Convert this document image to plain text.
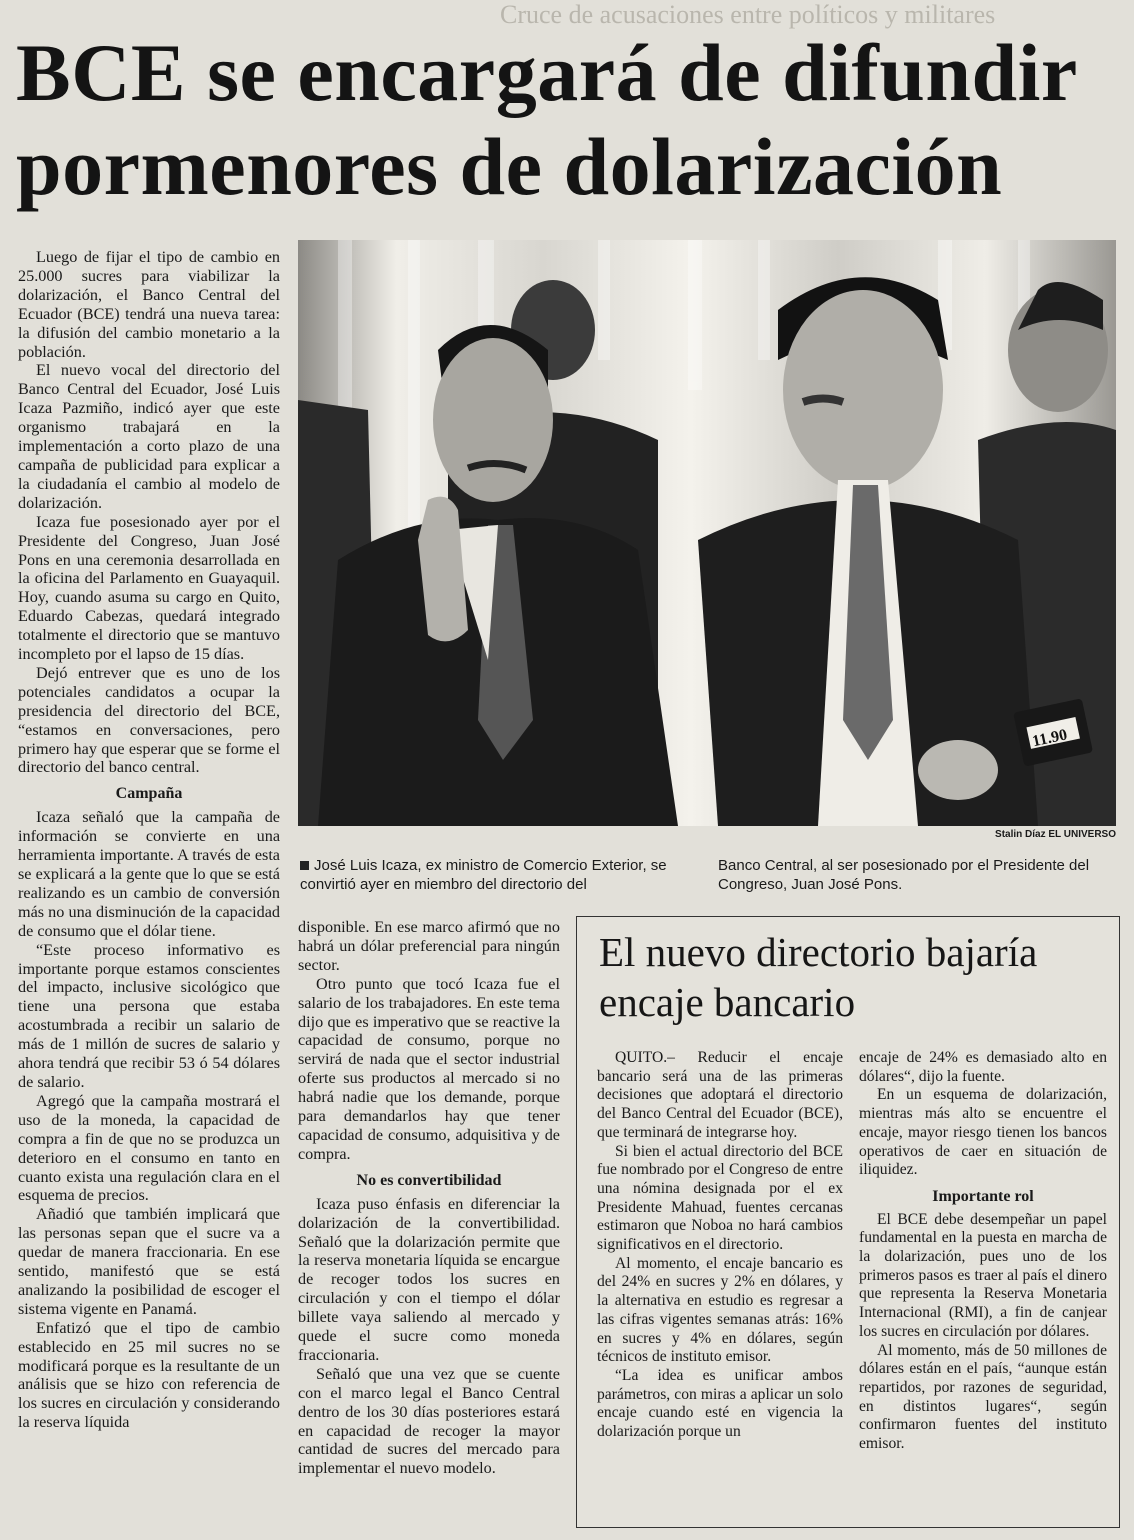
Cruce de acusaciones entre políticos y militares
BCE se encargará de difundir pormenores de dolarización

Luego de fijar el tipo de cambio en 25.000 sucres para viabilizar la dolarización, el Banco Central del Ecuador (BCE) tendrá una nueva tarea: la difusión del cambio monetario a la población.

El nuevo vocal del directorio del Banco Central del Ecuador, José Luis Icaza Pazmiño, indicó ayer que este organismo trabajará en la implementación a corto plazo de una campaña de publicidad para explicar a la ciudadanía el cambio al modelo de dolarización.

Icaza fue posesionado ayer por el Presidente del Congreso, Juan José Pons en una ceremonia desarrollada en la oficina del Parlamento en Guayaquil. Hoy, cuando asuma su cargo en Quito, Eduardo Cabezas, quedará integrado totalmente el directorio que se mantuvo incompleto por el lapso de 15 días.

Dejó entrever que es uno de los potenciales candidatos a ocupar la presidencia del directorio del BCE, “estamos en conversaciones, pero primero hay que esperar que se forme el directorio del banco central.

Campaña

Icaza señaló que la campaña de información se convierte en una herramienta importante. A través de esta se explicará a la gente que lo que se está realizando es un cambio de conversión más no una disminución de la capacidad de consumo que el dólar tiene.

“Este proceso informativo es importante porque estamos conscientes del impacto, inclusive sicológico que tiene una persona que estaba acostumbrada a recibir un salario de más de 1 millón de sucres de salario y ahora tendrá que recibir 53 ó 54 dólares de salario.

Agregó que la campaña mostrará el uso de la moneda, la capacidad de compra a fin de que no se produzca un deterioro en el consumo en tanto en cuanto exista una regulación clara en el esquema de precios.

Añadió que también implicará que las personas sepan que el sucre va a quedar de manera fraccionaria. En ese sentido, manifestó que se está analizando la posibilidad de escoger el sistema vigente en Panamá.

Enfatizó que el tipo de cambio establecido en 25 mil sucres no se modificará porque es la resultante de un análisis que se hizo con referencia de los sucres en circulación y considerando la reserva líquida

11.90
Stalin Díaz EL UNIVERSO
José Luis Icaza, ex ministro de Comercio Exterior, se convirtió ayer en miembro del directorio del
Banco Central, al ser posesionado por el Presidente del Congreso, Juan José Pons.

disponible. En ese marco afirmó que no habrá un dólar preferencial para ningún sector.

Otro punto que tocó Icaza fue el salario de los trabajadores. En este tema dijo que es imperativo que se reactive la capacidad de consumo, porque no servirá de nada que el sector industrial oferte sus productos al mercado si no habrá nadie que los demande, porque para demandarlos hay que tener capacidad de consumo, adquisitiva y de compra.

No es convertibilidad

Icaza puso énfasis en diferenciar la dolarización de la convertibilidad. Señaló que la dolarización permite que la reserva monetaria líquida se encargue de recoger todos los sucres en circulación y con el tiempo el dólar billete vaya saliendo al mercado y quede el sucre como moneda fraccionaria.

Señaló que una vez que se cuente con el marco legal el Banco Central dentro de los 30 días posteriores estará en capacidad de recoger la mayor cantidad de sucres del mercado para implementar el nuevo modelo.

El nuevo directorio bajaría encaje bancario

QUITO.– Reducir el encaje bancario será una de las primeras decisiones que adoptará el directorio del Banco Central del Ecuador (BCE), que terminará de integrarse hoy.

Si bien el actual directorio del BCE fue nombrado por el Congreso de entre una nómina designada por el ex Presidente Mahuad, fuentes cercanas estimaron que Noboa no hará cambios significativos en el directorio.

Al momento, el encaje bancario es del 24% en sucres y 2% en dólares, y la alternativa en estudio es regresar a las cifras vigentes semanas atrás: 16% en sucres y 4% en dólares, según técnicos de instituto emisor.

“La idea es unificar ambos parámetros, con miras a aplicar un solo encaje cuando esté en vigencia la dolarización porque un

encaje de 24% es demasiado alto en dólares“, dijo la fuente.

En un esquema de dolarización, mientras más alto se encuentre el encaje, mayor riesgo tienen los bancos operativos de caer en situación de iliquidez.

Importante rol

El BCE debe desempeñar un papel fundamental en la puesta en marcha de la dolarización, pues uno de los primeros pasos es traer al país el dinero que representa la Reserva Monetaria Internacional (RMI), a fin de canjear los sucres en circulación por dólares.

Al momento, más de 50 millones de dólares están en el país, “aunque están repartidos, por razones de seguridad, en distintos lugares“, según confirmaron fuentes del instituto emisor.
